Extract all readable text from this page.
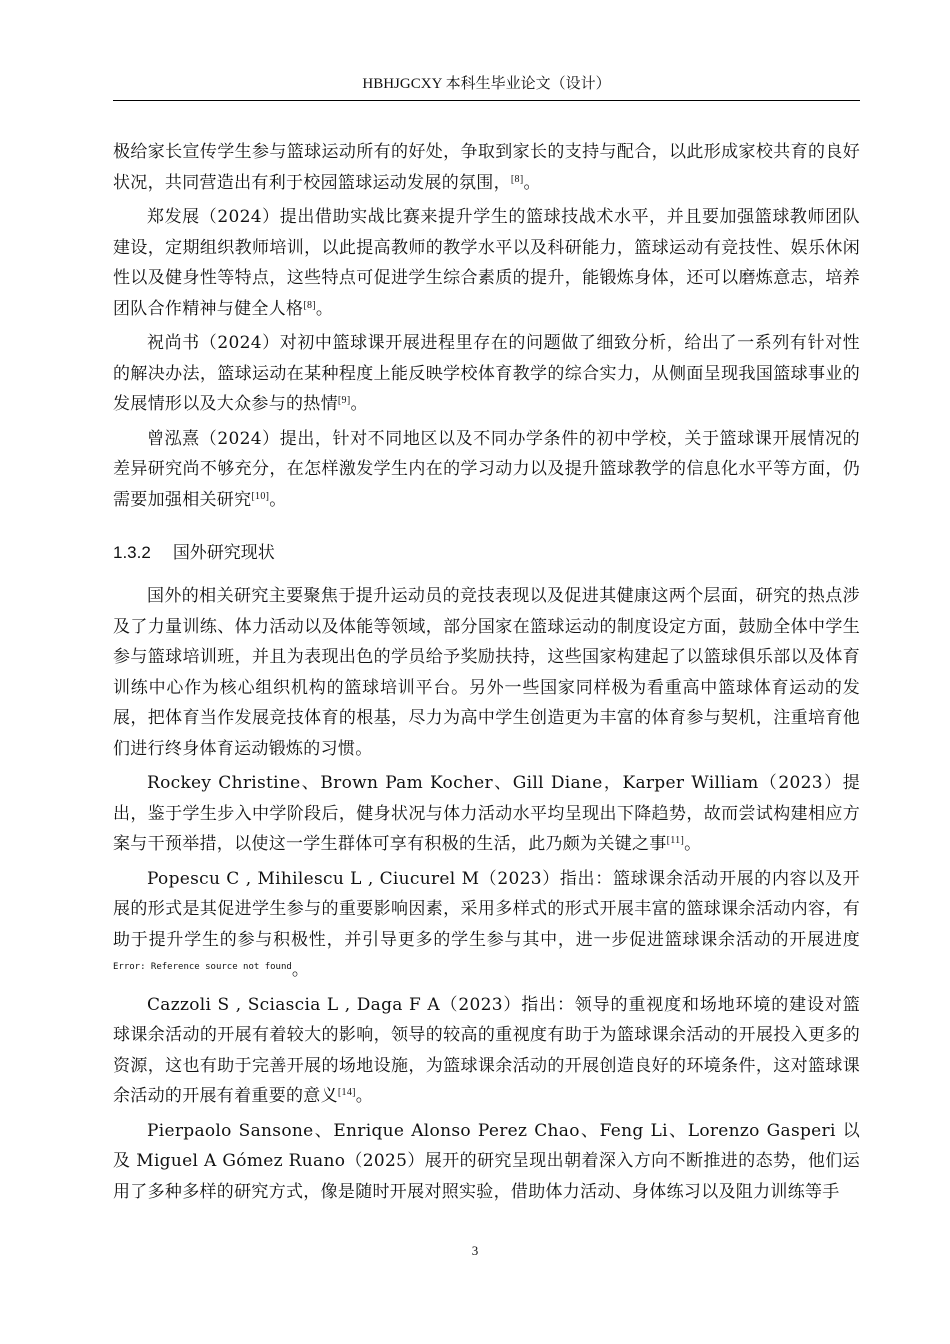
HBHJGCXY 本科生毕业论文（设计）

极给家长宣传学生参与篮球运动所有的好处，争取到家长的支持与配合，以此形成家校共育的良好状况，共同营造出有利于校园篮球运动发展的氛围，[8]。

郑发展（2024）提出借助实战比赛来提升学生的篮球技战术水平，并且要加强篮球教师团队建设，定期组织教师培训，以此提高教师的教学水平以及科研能力，篮球运动有竞技性、娱乐休闲性以及健身性等特点，这些特点可促进学生综合素质的提升，能锻炼身体，还可以磨炼意志，培养团队合作精神与健全人格[8]。

祝尚书（2024）对初中篮球课开展进程里存在的问题做了细致分析，给出了一系列有针对性的解决办法，篮球运动在某种程度上能反映学校体育教学的综合实力，从侧面呈现我国篮球事业的发展情形以及大众参与的热情[9]。

曾泓熹（2024）提出，针对不同地区以及不同办学条件的初中学校，关于篮球课开展情况的差异研究尚不够充分，在怎样激发学生内在的学习动力以及提升篮球教学的信息化水平等方面，仍需要加强相关研究[10]。

1.3.2 国外研究现状

国外的相关研究主要聚焦于提升运动员的竞技表现以及促进其健康这两个层面，研究的热点涉及了力量训练、体力活动以及体能等领域，部分国家在篮球运动的制度设定方面，鼓励全体中学生参与篮球培训班，并且为表现出色的学员给予奖励扶持，这些国家构建起了以篮球俱乐部以及体育训练中心作为核心组织机构的篮球培训平台。另外一些国家同样极为看重高中篮球体育运动的发展，把体育当作发展竞技体育的根基，尽力为高中学生创造更为丰富的体育参与契机，注重培育他们进行终身体育运动锻炼的习惯。

Rockey Christine、Brown Pam Kocher、Gill Diane，Karper William（2023）提出，鉴于学生步入中学阶段后，健身状况与体力活动水平均呈现出下降趋势，故而尝试构建相应方案与干预举措，以使这一学生群体可享有积极的生活，此乃颇为关键之事[11]。

Popescu C , Mihilescu L , Ciucurel M（2023）指出：篮球课余活动开展的内容以及开展的形式是其促进学生参与的重要影响因素，采用多样式的形式开展丰富的篮球课余活动内容，有助于提升学生的参与积极性，并引导更多的学生参与其中，进一步促进篮球课余活动的开展进度$^{Error: Reference source not found}$。

Cazzoli S , Sciascia L , Daga F A（2023）指出：领导的重视度和场地环境的建设对篮球课余活动的开展有着较大的影响，领导的较高的重视度有助于为篮球课余活动的开展投入更多的资源，这也有助于完善开展的场地设施，为篮球课余活动的开展创造良好的环境条件，这对篮球课余活动的开展有着重要的意义[14]。

Pierpaolo Sansone、Enrique Alonso Perez Chao、Feng Li、Lorenzo Gasperi 以及 Miguel A Gómez Ruano（2025）展开的研究呈现出朝着深入方向不断推进的态势，他们运用了多种多样的研究方式，像是随时开展对照实验，借助体力活动、身体练习以及阻力训练等手

3
